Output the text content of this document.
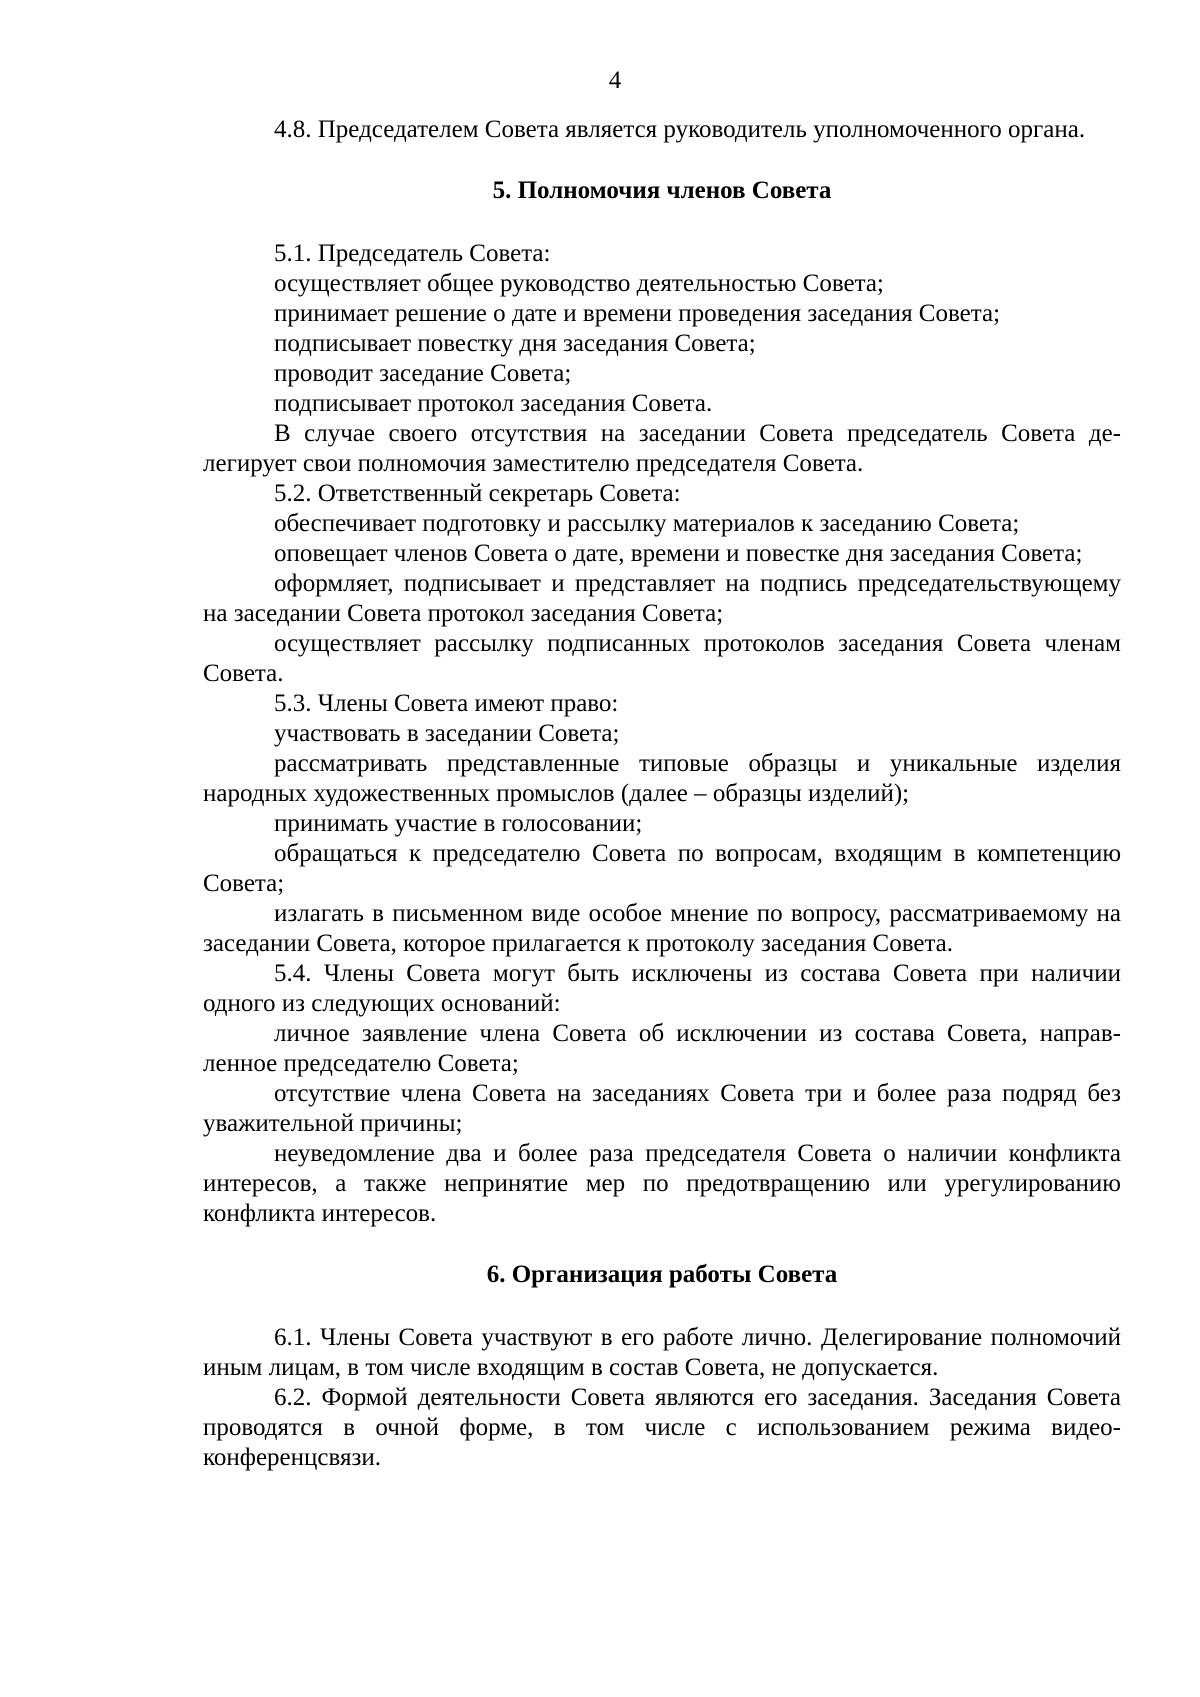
4

4.8. Председателем Совета является руководитель уполномоченного органа.

5. Полномочия членов Совета

5.1. Председатель Совета:

осуществляет общее руководство деятельностью Совета;

принимает решение о дате и времени проведения заседания Совета;

подписывает повестку дня заседания Совета;

проводит заседание Совета;

подписывает протокол заседания Совета.

В случае своего отсутствия на заседании Совета председатель Совета делегирует свои полномочия заместителю председателя Совета.

5.2. Ответственный секретарь Совета:

обеспечивает подготовку и рассылку материалов к заседанию Совета;

оповещает членов Совета о дате, времени и повестке дня заседания Совета;

оформляет, подписывает и представляет на подпись председательствующему на заседании Совета протокол заседания Совета;

осуществляет рассылку подписанных протоколов заседания Совета членам Совета.

5.3. Члены Совета имеют право:

участвовать в заседании Совета;

рассматривать представленные типовые образцы и уникальные изделия народных художественных промыслов (далее – образцы изделий);

принимать участие в голосовании;

обращаться к председателю Совета по вопросам, входящим в компетенцию Совета;

излагать в письменном виде особое мнение по вопросу, рассматриваемому на заседании Совета, которое прилагается к протоколу заседания Совета.

5.4. Члены Совета могут быть исключены из состава Совета при наличии одного из следующих оснований:

личное заявление члена Совета об исключении из состава Совета, направленное председателю Совета;

отсутствие члена Совета на заседаниях Совета три и более раза подряд без уважительной причины;

неуведомление два и более раза председателя Совета о наличии конфликта интересов, а также непринятие мер по предотвращению или урегулированию конфликта интересов.

6. Организация работы Совета

6.1. Члены Совета участвуют в его работе лично. Делегирование полномочий иным лицам, в том числе входящим в состав Совета, не допускается.

6.2. Формой деятельности Совета являются его заседания. Заседания Совета проводятся в очной форме, в том числе с использованием режима видеоконференцсвязи.
